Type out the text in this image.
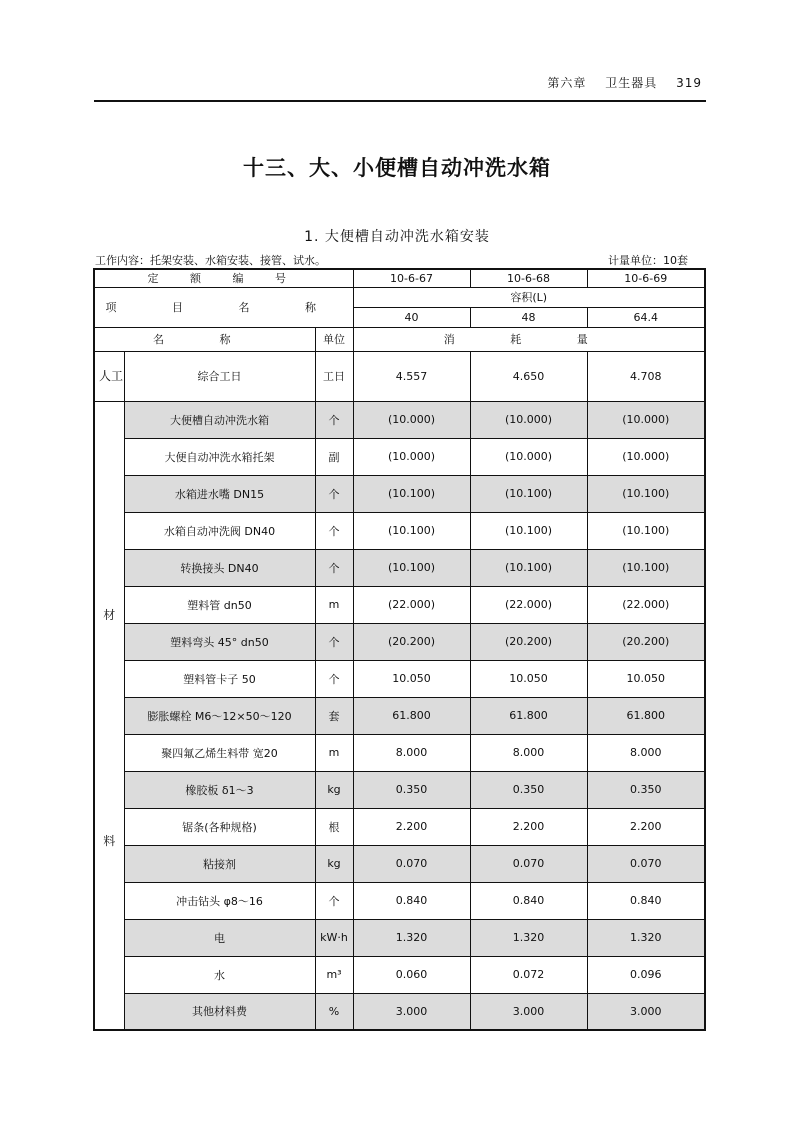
第六章 卫生器具 319
十三、大、小便槽自动冲洗水箱
1. 大便槽自动冲洗水箱安装
工作内容：托架安装、水箱安装、接管、试水。	计量单位：10套
定 额 编 号			10-6-67	10-6-68	10-6-69
项 目 名 称			容积(L)		
			40	48	64.4
名 称		单位	消 耗 量		
人工	综合工日	工日	4.557	4.650	4.708

材
料	大便槽自动冲洗水箱	个	(10.000)	(10.000)	(10.000)
	大便自动冲洗水箱托架	副	(10.000)	(10.000)	(10.000)
	水箱进水嘴 DN15	个	(10.100)	(10.100)	(10.100)
	水箱自动冲洗阀 DN40	个	(10.100)	(10.100)	(10.100)
	转换接头 DN40	个	(10.100)	(10.100)	(10.100)
	塑料管 dn50	m	(22.000)	(22.000)	(22.000)
	塑料弯头 45° dn50	个	(20.200)	(20.200)	(20.200)
	塑料管卡子 50	个	10.050	10.050	10.050
	膨胀螺栓 M6～12×50～120	套	61.800	61.800	61.800
	聚四氟乙烯生料带 宽20	m	8.000	8.000	8.000
	橡胶板 δ1～3	kg	0.350	0.350	0.350
	锯条(各种规格)	根	2.200	2.200	2.200
	粘接剂	kg	0.070	0.070	0.070
	冲击钻头 φ8～16	个	0.840	0.840	0.840
	电	kW·h	1.320	1.320	1.320
	水	m³	0.060	0.072	0.096
	其他材料费	%	3.000	3.000	3.000
